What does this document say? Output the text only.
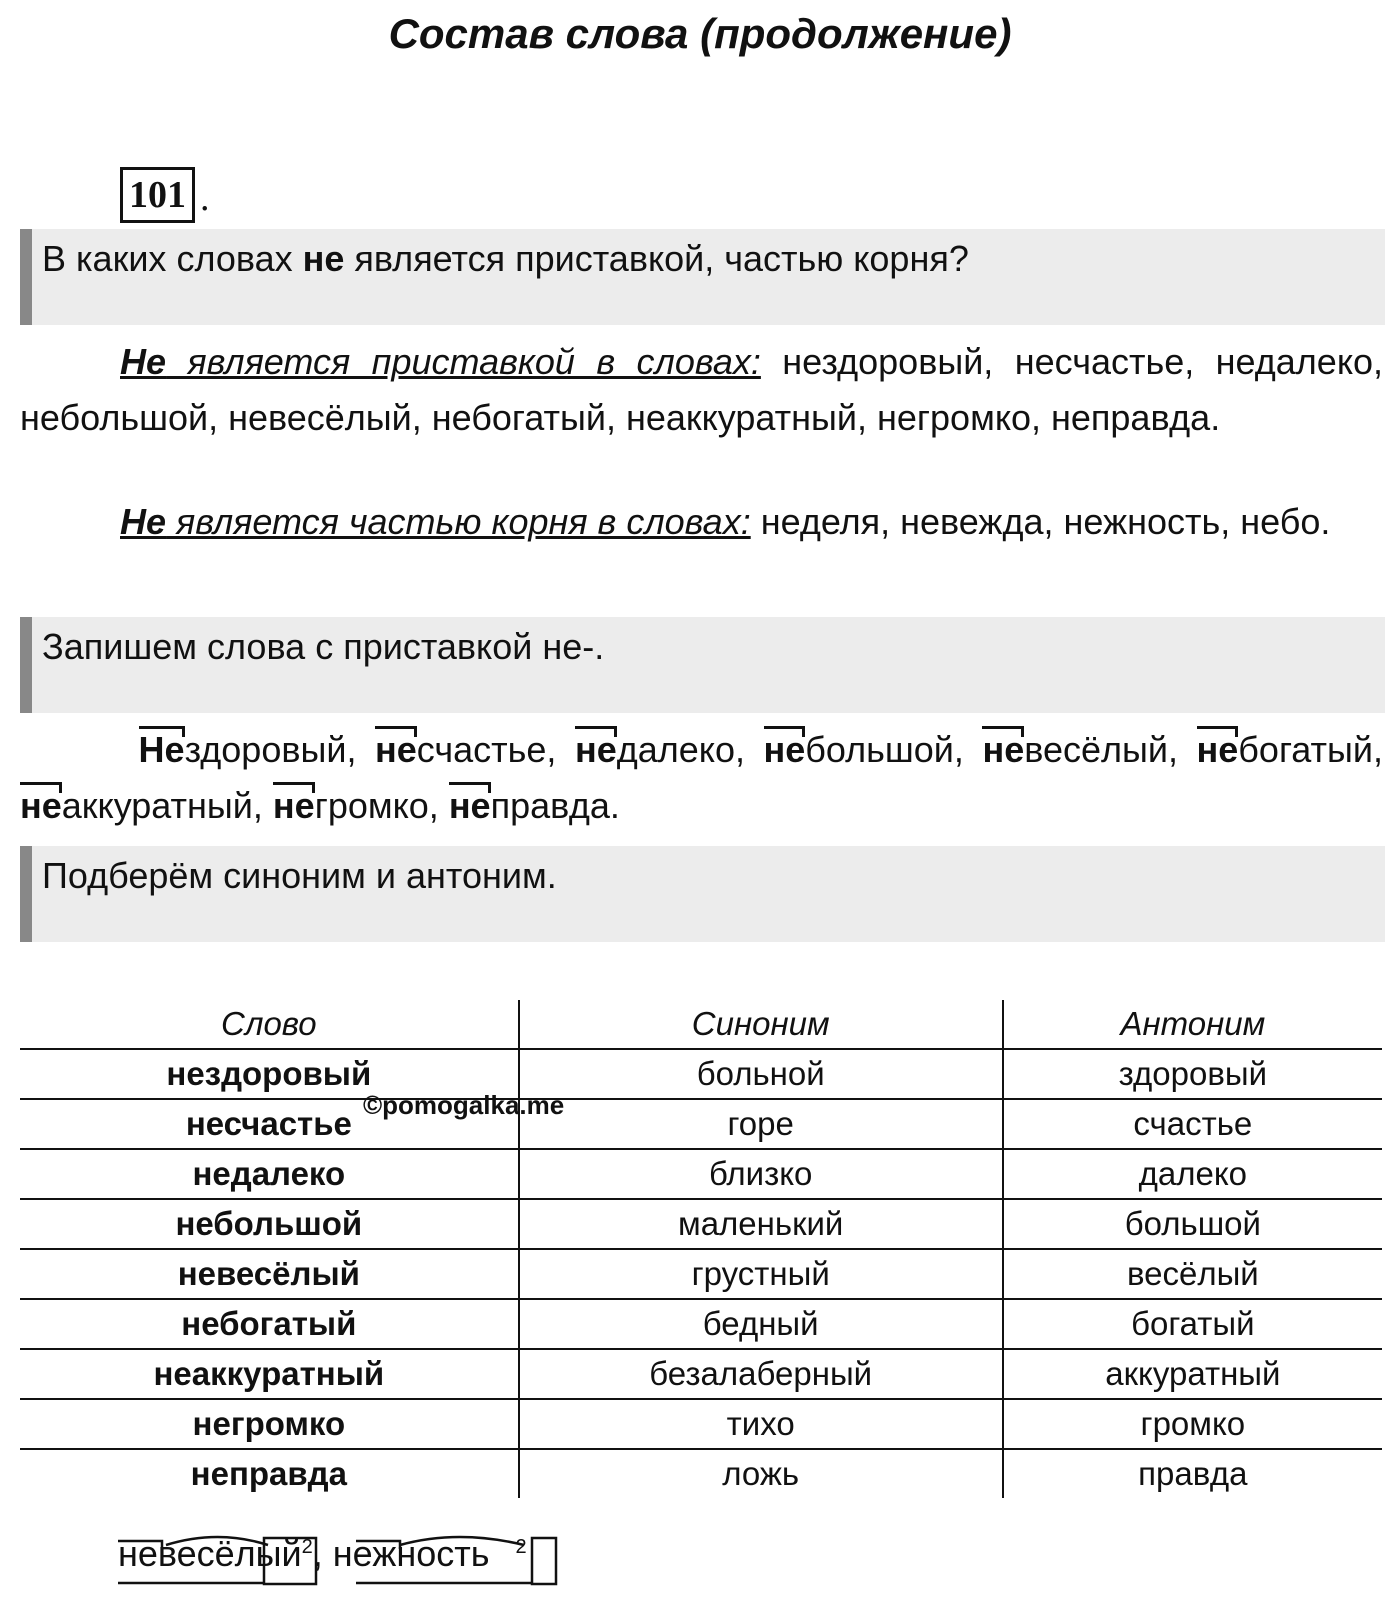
Состав слова (продолжение)
101 .
В каких словах не является приставкой, частью корня?
Не является приставкой в словах: нездоровый, несчастье, недалеко, небольшой, невесёлый, небогатый, неаккуратный, негромко, неправда.
Не является частью корня в словах: неделя, невежда, нежность, небо.
Запишем слова с приставкой не-.
Нездоровый, несчастье, недалеко, небольшой, невесёлый, небогатый, неаккуратный, негромко, неправда.
Подберём синоним и антоним.
Слово	Синоним	Антоним
нездоровый	больной	здоровый
несчастье	горе	счастье
недалеко	близко	далеко
небольшой	маленький	большой
невесёлый	грустный	весёлый
небогатый	бедный	богатый
неаккуратный	безалаберный	аккуратный
негромко	тихо	громко
неправда	ложь	правда
©pomogalka.me
невесёлый$^2$, нежность $^2$
